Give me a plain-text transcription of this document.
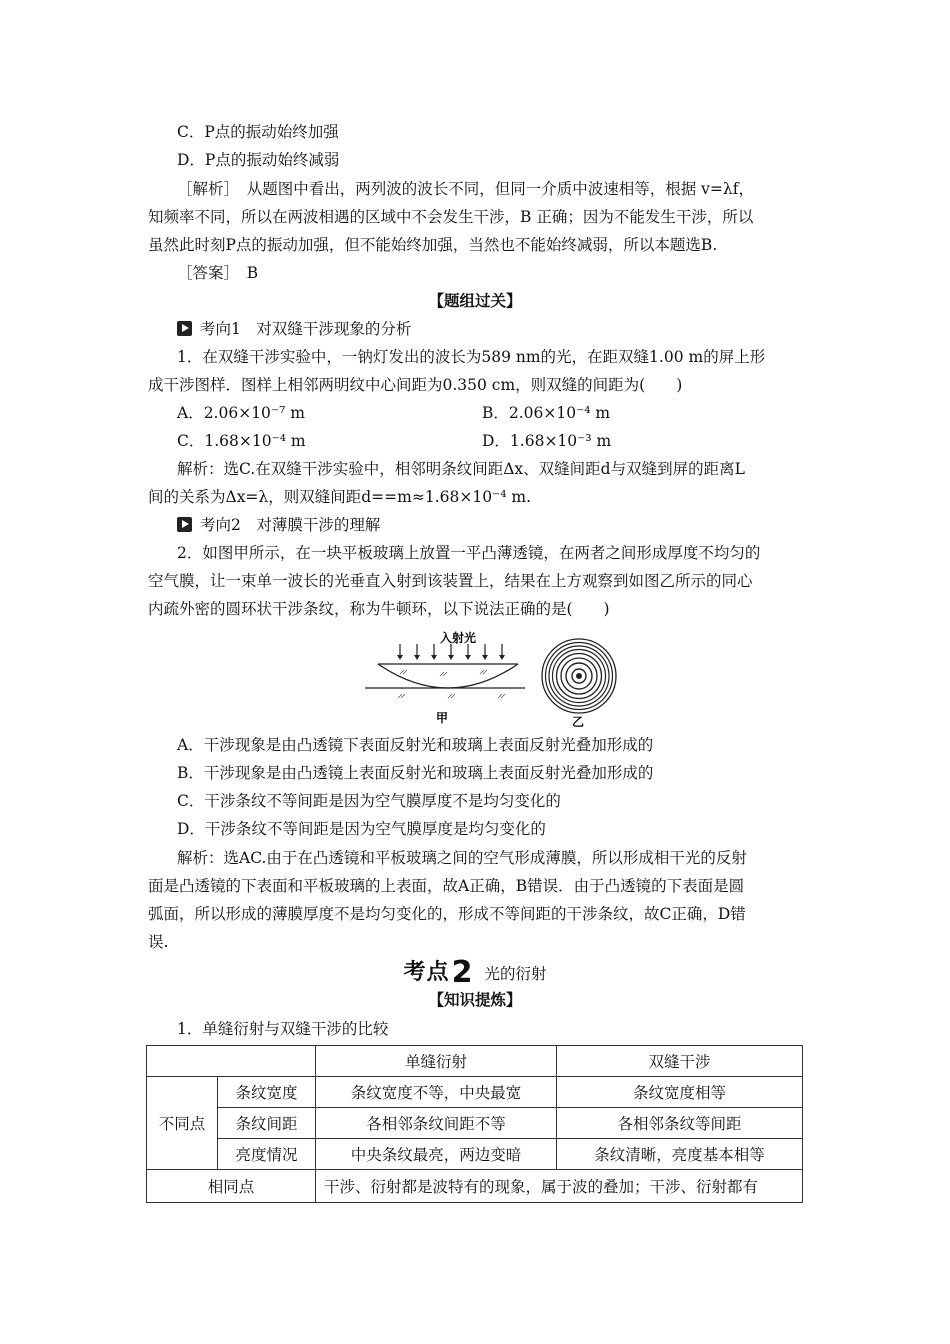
C．P点的振动始终加强
D．P点的振动始终减弱
［解析］　从题图中看出，两列波的波长不同，但同一介质中波速相等，根据 v=λf，
知频率不同，所以在两波相遇的区域中不会发生干涉，B 正确；因为不能发生干涉，所以
虽然此时刻P点的振动加强，但不能始终加强，当然也不能始终减弱，所以本题选B.
［答案］　B
【题组过关】
考向1　对双缝干涉现象的分析
1．在双缝干涉实验中，一钠灯发出的波长为589 nm的光，在距双缝1.00 m的屏上形
成干涉图样．图样上相邻两明纹中心间距为0.350 cm，则双缝的间距为(　　)
A．2.06×10⁻⁷ m	B．2.06×10⁻⁴ m
C．1.68×10⁻⁴ m	D．1.68×10⁻³ m
解析：选C.在双缝干涉实验中，相邻明条纹间距Δx、双缝间距d与双缝到屏的距离L
间的关系为Δx=λ，则双缝间距d==m≈1.68×10⁻⁴ m.
考向2　对薄膜干涉的理解
2．如图甲所示，在一块平板玻璃上放置一平凸薄透镜，在两者之间形成厚度不均匀的
空气膜，让一束单一波长的光垂直入射到该装置上，结果在上方观察到如图乙所示的同心
内疏外密的圆环状干涉条纹，称为牛顿环，以下说法正确的是(　　)
入射光
甲	乙
A．干涉现象是由凸透镜下表面反射光和玻璃上表面反射光叠加形成的
B．干涉现象是由凸透镜上表面反射光和玻璃上表面反射光叠加形成的
C．干涉条纹不等间距是因为空气膜厚度不是均匀变化的
D．干涉条纹不等间距是因为空气膜厚度是均匀变化的
解析：选AC.由于在凸透镜和平板玻璃之间的空气形成薄膜，所以形成相干光的反射
面是凸透镜的下表面和平板玻璃的上表面，故A正确，B错误．由于凸透镜的下表面是圆
弧面，所以形成的薄膜厚度不是均匀变化的，形成不等间距的干涉条纹，故C正确，D错
误.
考点2 光的衍射
【知识提炼】
1．单缝衍射与双缝干涉的比较
		单缝衍射	双缝干涉
不同点	条纹宽度	条纹宽度不等，中央最宽	条纹宽度相等
	条纹间距	各相邻条纹间距不等	各相邻条纹等间距
	亮度情况	中央条纹最亮，两边变暗	条纹清晰，亮度基本相等
相同点		干涉、衍射都是波特有的现象，属于波的叠加；干涉、衍射都有	
